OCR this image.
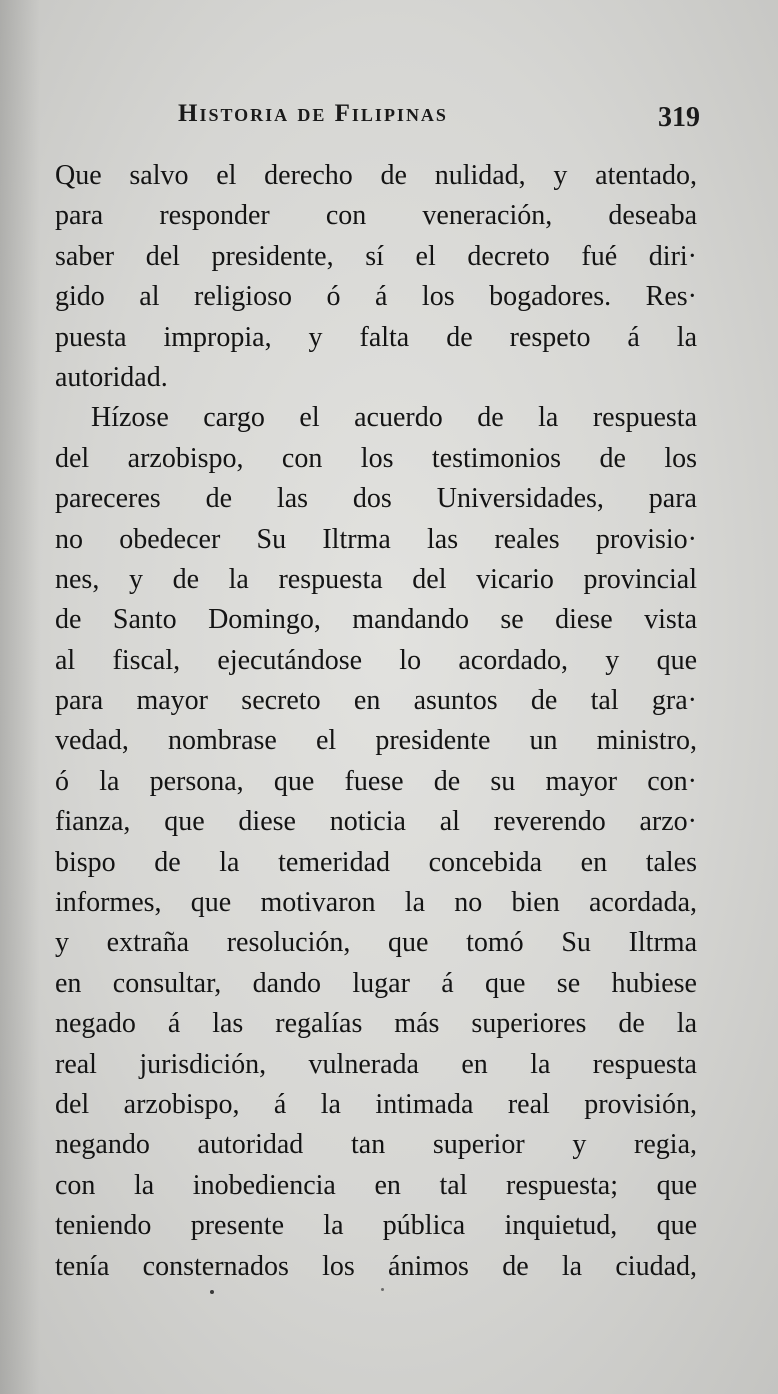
Historia de Filipinas	319
Que salvo el derecho de nulidad, y atentado,
para responder con veneración, deseaba
saber del presidente, sí el decreto fué diri·
gido al religioso ó á los bogadores. Res·
puesta impropia, y falta de respeto á la
autoridad.
Hízose cargo el acuerdo de la respuesta
del arzobispo, con los testimonios de los
pareceres de las dos Universidades, para
no obedecer Su Iltrma las reales provisio·
nes, y de la respuesta del vicario provincial
de Santo Domingo, mandando se diese vista
al fiscal, ejecutándose lo acordado, y que
para mayor secreto en asuntos de tal gra·
vedad, nombrase el presidente un ministro,
ó la persona, que fuese de su mayor con·
fianza, que diese noticia al reverendo arzo·
bispo de la temeridad concebida en tales
informes, que motivaron la no bien acordada,
y extraña resolución, que tomó Su Iltrma
en consultar, dando lugar á que se hubiese
negado á las regalías más superiores de la
real jurisdición, vulnerada en la respuesta
del arzobispo, á la intimada real provisión,
negando autoridad tan superior y regia,
con la inobediencia en tal respuesta; que
teniendo presente la pública inquietud, que
tenía consternados los ánimos de la ciudad,
